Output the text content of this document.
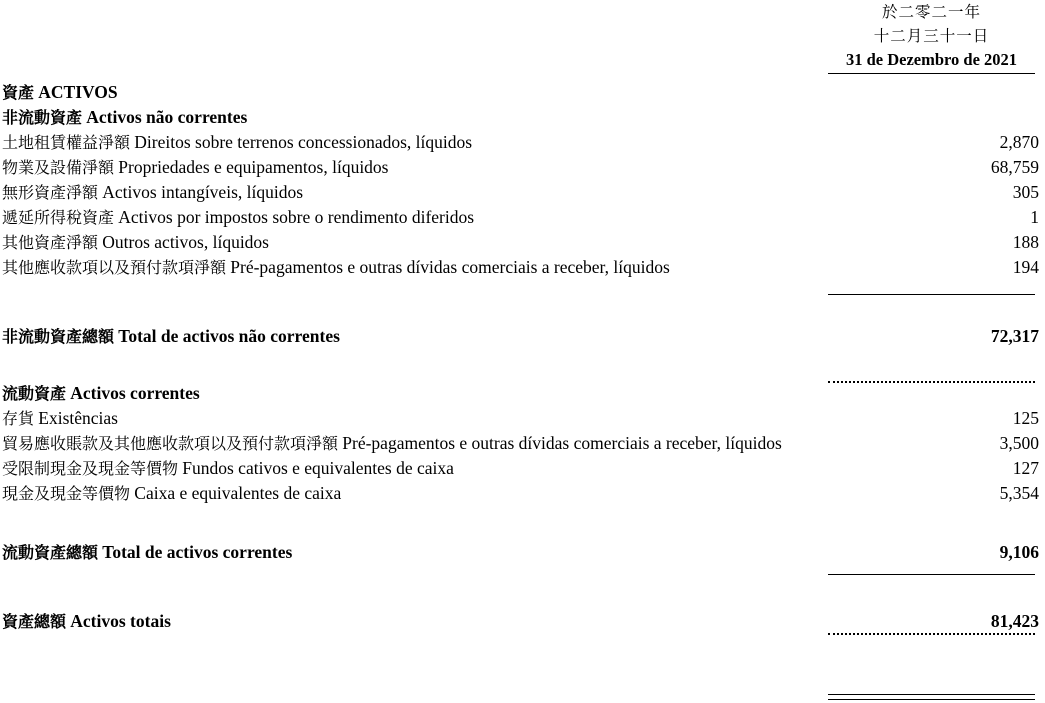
於二零二一年
十二月三十一日
31 de Dezembro de 2021
資產 ACTIVOS
非流動資產 Activos não correntes
土地租賃權益淨額 Direitos sobre terrenos concessionados, líquidos	2,870
物業及設備淨額 Propriedades e equipamentos, líquidos	68,759
無形資產淨額 Activos intangíveis, líquidos	305
遞延所得稅資產 Activos por impostos sobre o rendimento diferidos	1
其他資產淨額 Outros activos, líquidos	188
其他應收款項以及預付款項淨額 Pré-pagamentos e outras dívidas comerciais a receber, líquidos	194
非流動資產總額 Total de activos não correntes	72,317
流動資產 Activos correntes
存貨 Existências	125
貿易應收賬款及其他應收款項以及預付款項淨額 Pré-pagamentos e outras dívidas comerciais a receber, líquidos	3,500
受限制現金及現金等價物 Fundos cativos e equivalentes de caixa	127
現金及現金等價物 Caixa e equivalentes de caixa	5,354
流動資產總額 Total de activos correntes	9,106
資產總額 Activos totais	81,423
